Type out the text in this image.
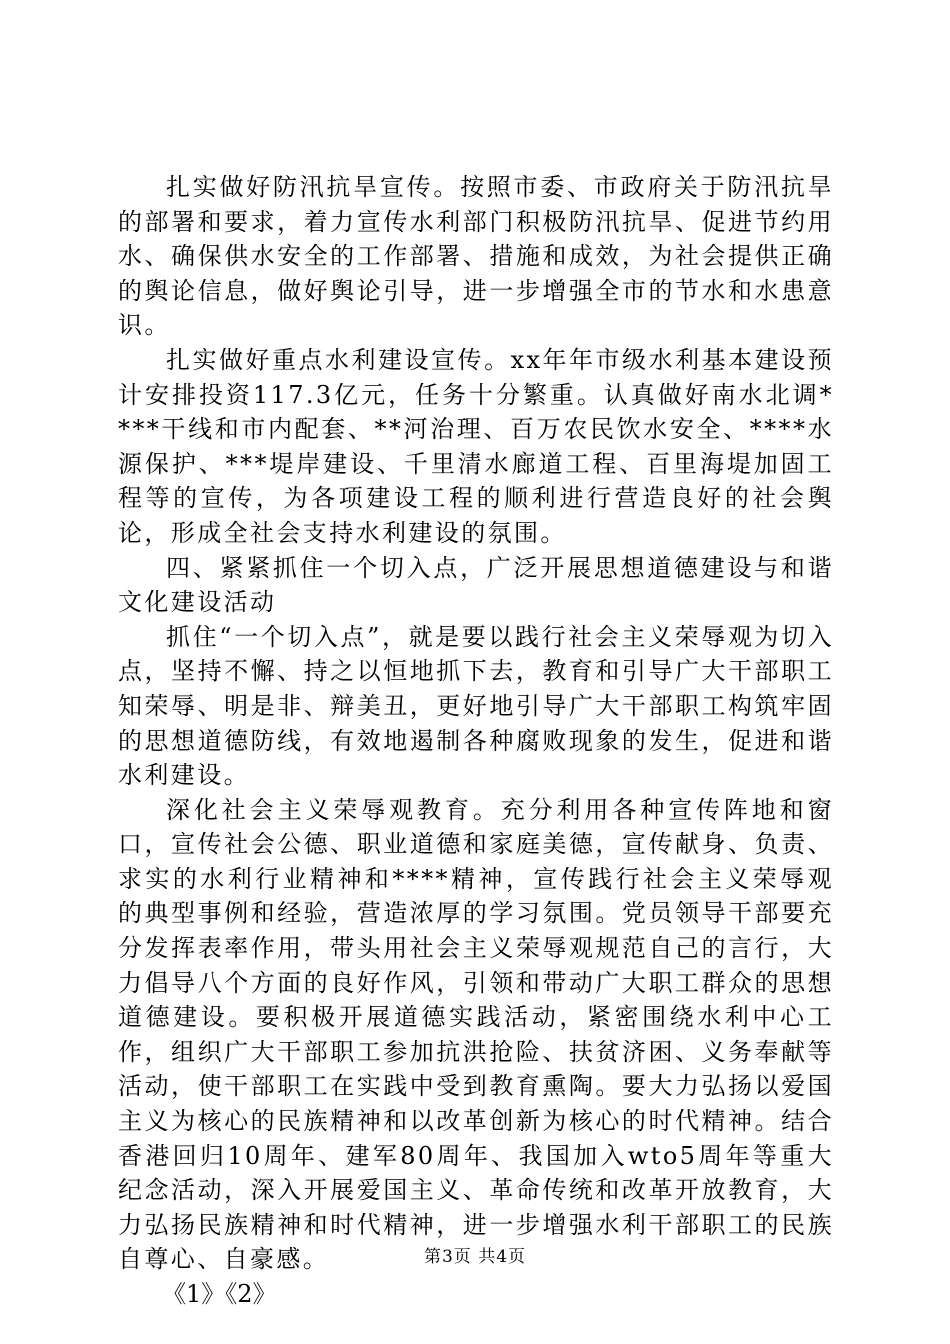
扎实做好防汛抗旱宣传。按照市委、市政府关于防汛抗旱的部署和要求，着力宣传水利部门积极防汛抗旱、促进节约用水、确保供水安全的工作部署、措施和成效，为社会提供正确的舆论信息，做好舆论引导，进一步增强全市的节水和水患意识。

扎实做好重点水利建设宣传。xx年年市级水利基本建设预计安排投资117.3亿元，任务十分繁重。认真做好南水北调****干线和市内配套、**河治理、百万农民饮水安全、****水源保护、***堤岸建设、千里清水廊道工程、百里海堤加固工程等的宣传，为各项建设工程的顺利进行营造良好的社会舆论，形成全社会支持水利建设的氛围。

四、紧紧抓住一个切入点，广泛开展思想道德建设与和谐文化建设活动

抓住“一个切入点”，就是要以践行社会主义荣辱观为切入点，坚持不懈、持之以恒地抓下去，教育和引导广大干部职工知荣辱、明是非、辩美丑，更好地引导广大干部职工构筑牢固的思想道德防线，有效地遏制各种腐败现象的发生，促进和谐水利建设。

深化社会主义荣辱观教育。充分利用各种宣传阵地和窗口，宣传社会公德、职业道德和家庭美德，宣传献身、负责、求实的水利行业精神和****精神，宣传践行社会主义荣辱观的典型事例和经验，营造浓厚的学习氛围。党员领导干部要充分发挥表率作用，带头用社会主义荣辱观规范自己的言行，大力倡导八个方面的良好作风，引领和带动广大职工群众的思想道德建设。要积极开展道德实践活动，紧密围绕水利中心工作，组织广大干部职工参加抗洪抢险、扶贫济困、义务奉献等活动，使干部职工在实践中受到教育熏陶。要大力弘扬以爱国主义为核心的民族精神和以改革创新为核心的时代精神。结合香港回归10周年、建军80周年、我国加入wto5周年等重大纪念活动，深入开展爱国主义、革命传统和改革开放教育，大力弘扬民族精神和时代精神，进一步增强水利干部职工的民族自尊心、自豪感。

《1》《2》
第3页 共4页
